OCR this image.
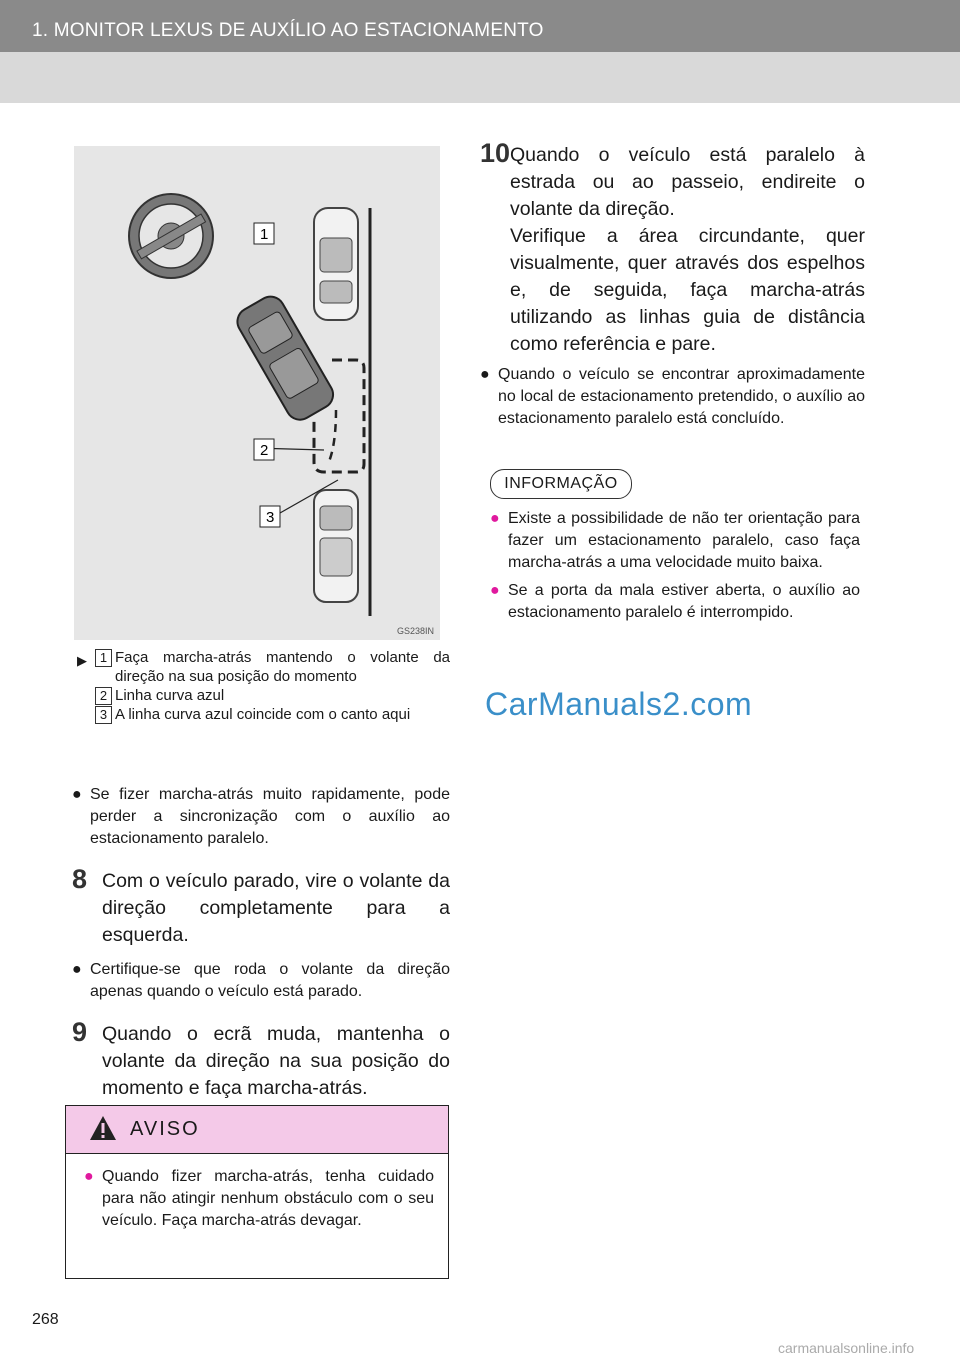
1. MONITOR LEXUS DE AUXÍLIO AO ESTACIONAMENTO
1
2
3
GS238IN
▶ 1 Faça marcha-atrás mantendo o volante da direção na sua posição do momento
2 Linha curva azul
3 A linha curva azul coincide com o canto aqui
● Se fizer marcha-atrás muito rapidamente, pode perder a sincronização com o auxílio ao estacionamento paralelo.
8 Com o veículo parado, vire o volante da direção completamente para a esquerda.
● Certifique-se que roda o volante da direção apenas quando o veículo está parado.
9 Quando o ecrã muda, mantenha o volante da direção na sua posição do momento e faça marcha-atrás.
AVISO
● Quando fizer marcha-atrás, tenha cuidado para não atingir nenhum obstáculo com o seu veículo. Faça marcha-atrás devagar.
10 Quando o veículo está paralelo à estrada ou ao passeio, endireite o volante da direção.
Verifique a área circundante, quer visualmente, quer através dos espelhos e, de seguida, faça marcha-atrás utilizando as linhas guia de distância como referência e pare.
● Quando o veículo se encontrar aproximadamente no local de estacionamento pretendido, o auxílio ao estacionamento paralelo está concluído.
INFORMAÇÃO
● Existe a possibilidade de não ter orientação para fazer um estacionamento paralelo, caso faça marcha-atrás a uma velocidade muito baixa.
● Se a porta da mala estiver aberta, o auxílio ao estacionamento paralelo é interrompido.
CarManuals2.com
268
carmanualsonline.info
